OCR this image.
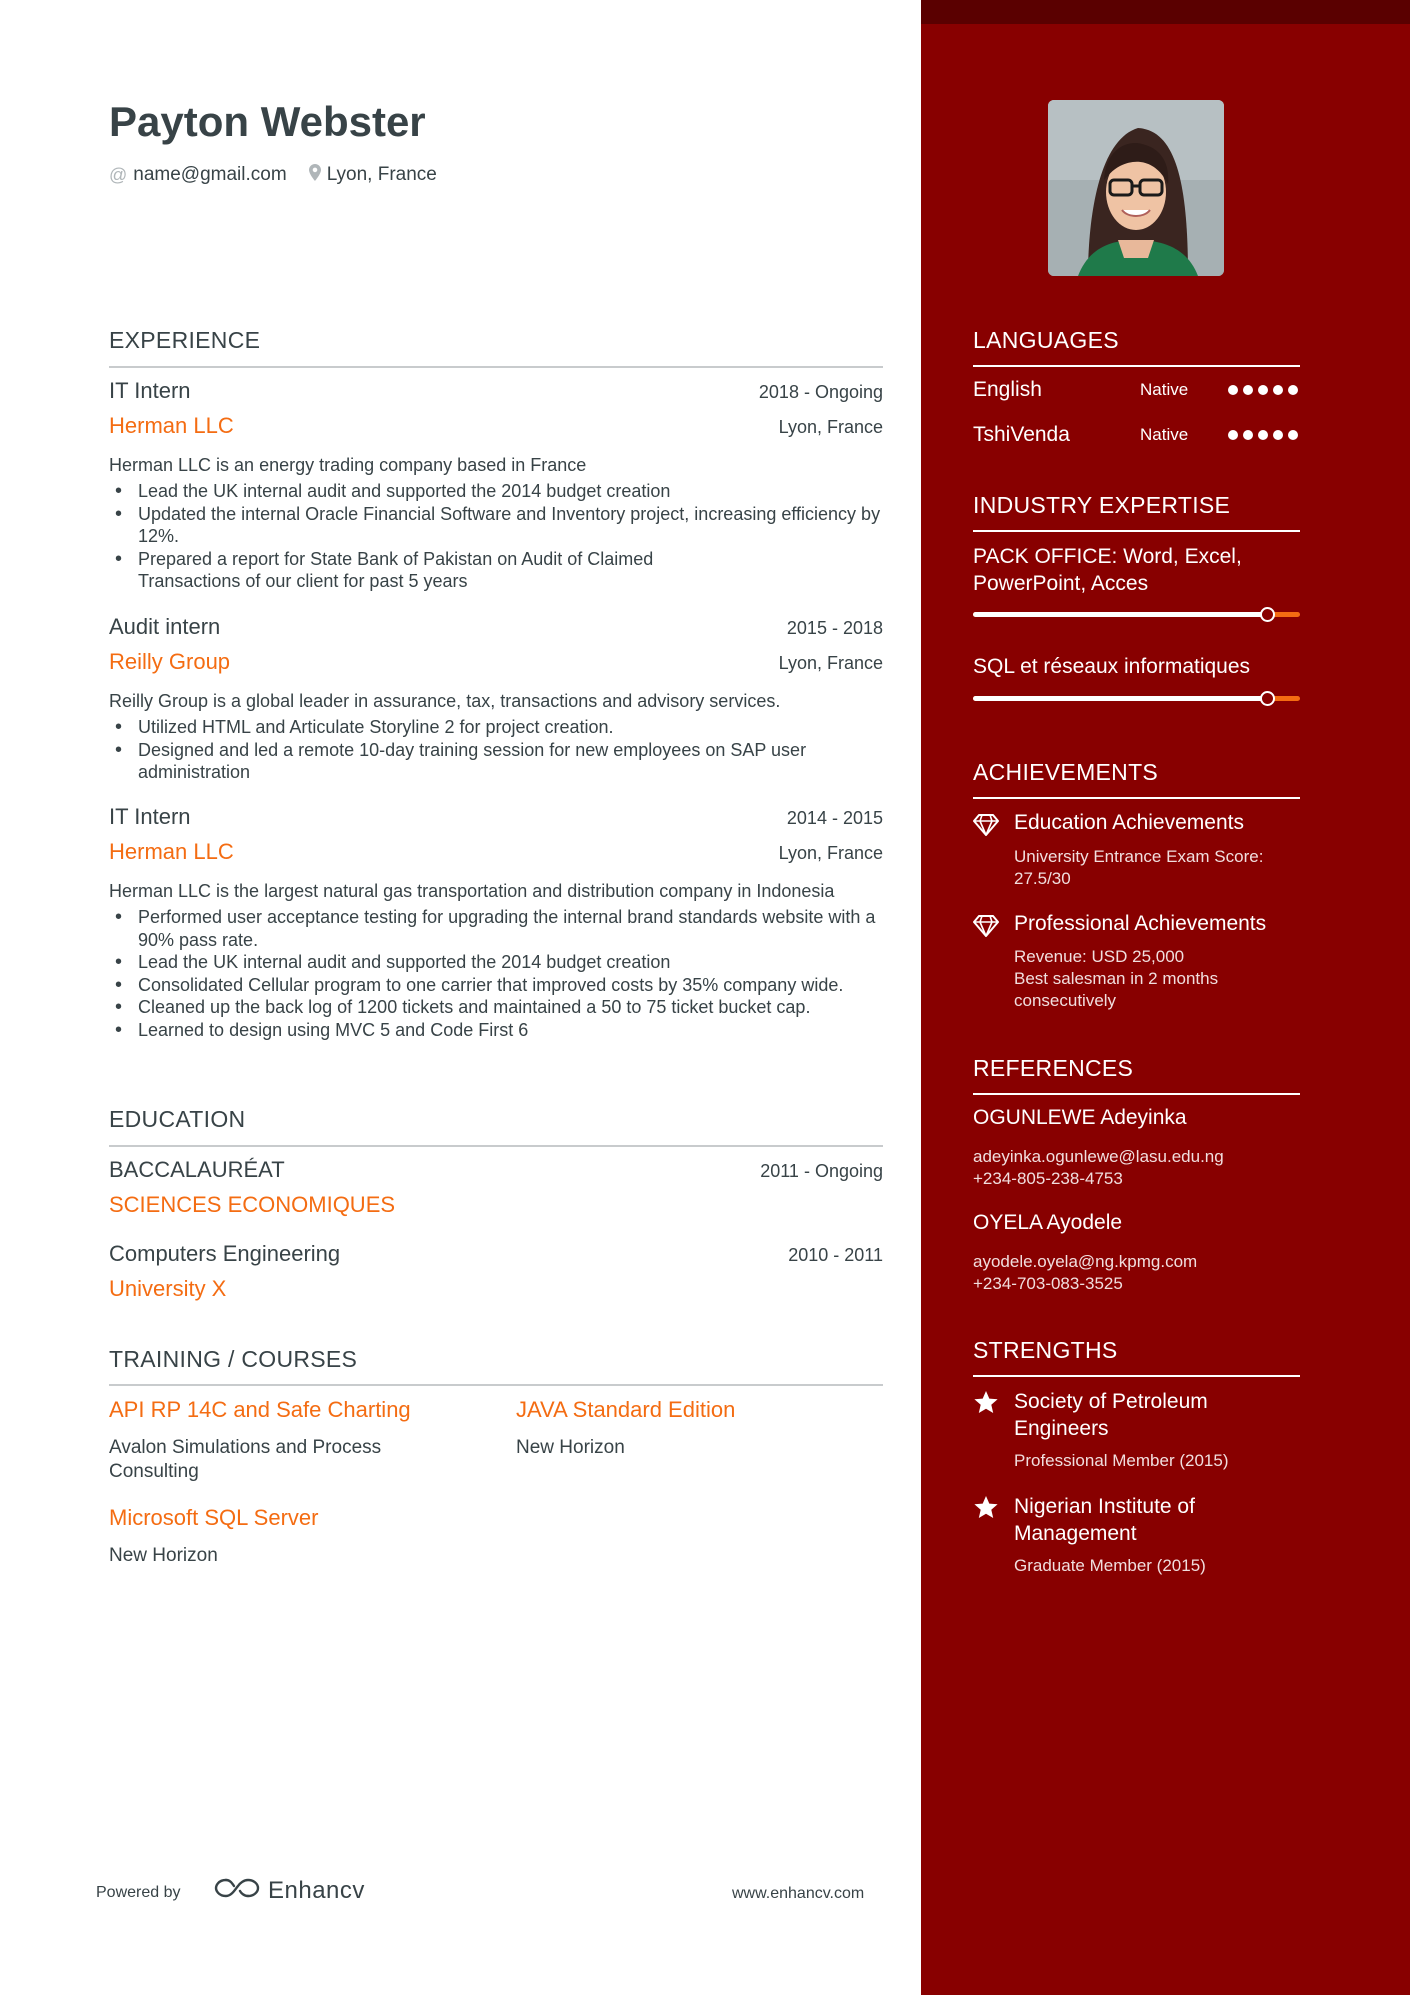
Payton Webster
@ name@gmail.com Lyon, France
EXPERIENCE
IT Intern	2018 - Ongoing
Herman LLC	Lyon, France
Herman LLC is an energy trading company based in France
• Lead the UK internal audit and supported the 2014 budget creation
• Updated the internal Oracle Financial Software and Inventory project, increasing efficiency by 12%.
• Prepared a report for State Bank of Pakistan on Audit of Claimed Transactions of our client for past 5 years
Audit intern	2015 - 2018
Reilly Group	Lyon, France
Reilly Group is a global leader in assurance, tax, transactions and advisory services.
• Utilized HTML and Articulate Storyline 2 for project creation.
• Designed and led a remote 10-day training session for new employees on SAP user administration
IT Intern	2014 - 2015
Herman LLC	Lyon, France
Herman LLC is the largest natural gas transportation and distribution company in Indonesia
• Performed user acceptance testing for upgrading the internal brand standards website with a 90% pass rate.
• Lead the UK internal audit and supported the 2014 budget creation
• Consolidated Cellular program to one carrier that improved costs by 35% company wide.
• Cleaned up the back log of 1200 tickets and maintained a 50 to 75 ticket bucket cap.
• Learned to design using MVC 5 and Code First 6
EDUCATION
BACCALAURÉAT	2011 - Ongoing
SCIENCES ECONOMIQUES
Computers Engineering	2010 - 2011
University X
TRAINING / COURSES
API RP 14C and Safe Charting
Avalon Simulations and Process Consulting
JAVA Standard Edition
New Horizon
Microsoft SQL Server
New Horizon
Powered by	Enhancv	www.enhancv.com
LANGUAGES
English	Native
TshiVenda	Native
INDUSTRY EXPERTISE
PACK OFFICE: Word, Excel, PowerPoint, Acces
SQL et réseaux informatiques
ACHIEVEMENTS
Education Achievements
University Entrance Exam Score:
27.5/30
Professional Achievements
Revenue: USD 25,000
Best salesman in 2 months
consecutively
REFERENCES
OGUNLEWE Adeyinka
adeyinka.ogunlewe@lasu.edu.ng
+234-805-238-4753
OYELA Ayodele
ayodele.oyela@ng.kpmg.com
+234-703-083-3525
STRENGTHS
Society of Petroleum
Engineers
Professional Member (2015)
Nigerian Institute of
Management
Graduate Member (2015)
